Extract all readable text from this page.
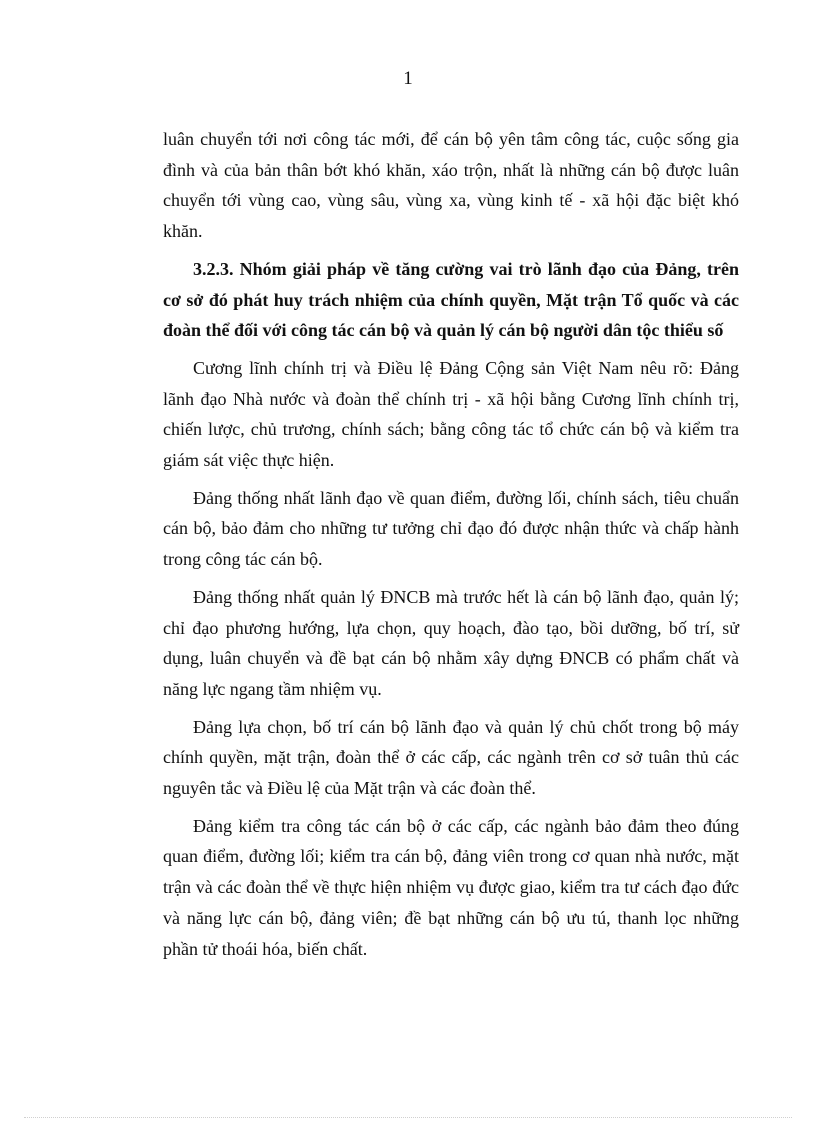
1

luân chuyển tới nơi công tác mới, để cán bộ yên tâm công tác, cuộc sống gia đình và của bản thân bớt khó khăn, xáo trộn, nhất là những cán bộ được luân chuyển tới vùng cao, vùng sâu, vùng xa, vùng kinh tế - xã hội đặc biệt khó khăn.

3.2.3. Nhóm giải pháp về tăng cường vai trò lãnh đạo của Đảng, trên cơ sở đó phát huy trách nhiệm của chính quyền, Mặt trận Tổ quốc và các đoàn thể đối với công tác cán bộ và quản lý cán bộ người dân tộc thiểu số

Cương lĩnh chính trị và Điều lệ Đảng Cộng sản Việt Nam nêu rõ: Đảng lãnh đạo Nhà nước và đoàn thể chính trị - xã hội bằng Cương lĩnh chính trị, chiến lược, chủ trương, chính sách; bằng công tác tổ chức cán bộ và kiểm tra giám sát việc thực hiện.

Đảng thống nhất lãnh đạo về quan điểm, đường lối, chính sách, tiêu chuẩn cán bộ, bảo đảm cho những tư tưởng chỉ đạo đó được nhận thức và chấp hành trong công tác cán bộ.

Đảng thống nhất quản lý ĐNCB mà trước hết là cán bộ lãnh đạo, quản lý; chỉ đạo phương hướng, lựa chọn, quy hoạch, đào tạo, bồi dưỡng, bố trí, sử dụng, luân chuyển và đề bạt cán bộ nhằm xây dựng ĐNCB có phẩm chất và năng lực ngang tầm nhiệm vụ.

Đảng lựa chọn, bố trí cán bộ lãnh đạo và quản lý chủ chốt trong bộ máy chính quyền, mặt trận, đoàn thể ở các cấp, các ngành trên cơ sở tuân thủ các nguyên tắc và Điều lệ của Mặt trận và các đoàn thể.

Đảng kiểm tra công tác cán bộ ở các cấp, các ngành bảo đảm theo đúng quan điểm, đường lối; kiểm tra cán bộ, đảng viên trong cơ quan nhà nước, mặt trận và các đoàn thể về thực hiện nhiệm vụ được giao, kiểm tra tư cách đạo đức và năng lực cán bộ, đảng viên; đề bạt những cán bộ ưu tú, thanh lọc những phần tử thoái hóa, biến chất.
